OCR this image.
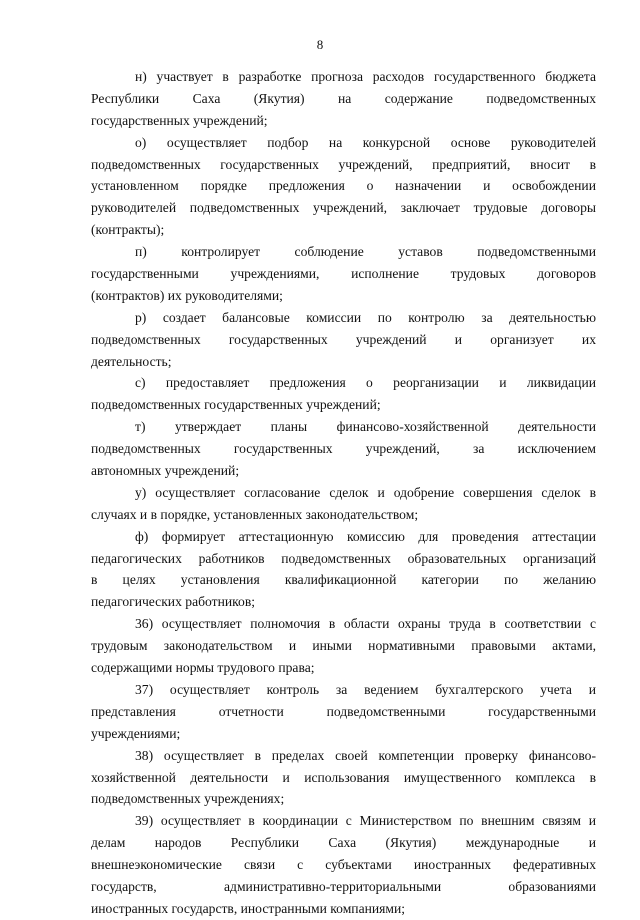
8
н) участвует в разработке прогноза расходов государственного бюджета
Республики Саха (Якутия) на содержание подведомственных
государственных учреждений;
о) осуществляет подбор на конкурсной основе руководителей
подведомственных государственных учреждений, предприятий, вносит в
установленном порядке предложения о назначении и освобождении
руководителей подведомственных учреждений, заключает трудовые договоры
(контракты);
п) контролирует соблюдение уставов подведомственными
государственными учреждениями, исполнение трудовых договоров
(контрактов) их руководителями;
р) создает балансовые комиссии по контролю за деятельностью
подведомственных государственных учреждений и организует их
деятельность;
с) предоставляет предложения о реорганизации и ликвидации
подведомственных государственных учреждений;
т) утверждает планы финансово-хозяйственной деятельности
подведомственных государственных учреждений, за исключением
автономных учреждений;
у) осуществляет согласование сделок и одобрение совершения сделок в
случаях и в порядке, установленных законодательством;
ф) формирует аттестационную комиссию для проведения аттестации
педагогических работников подведомственных образовательных организаций
в целях установления квалификационной категории по желанию
педагогических работников;
36) осуществляет полномочия в области охраны труда в соответствии с
трудовым законодательством и иными нормативными правовыми актами,
содержащими нормы трудового права;
37) осуществляет контроль за ведением бухгалтерского учета и
представления отчетности подведомственными государственными
учреждениями;
38) осуществляет в пределах своей компетенции проверку финансово-
хозяйственной деятельности и использования имущественного комплекса в
подведомственных учреждениях;
39) осуществляет в координации с Министерством по внешним связям и
делам народов Республики Саха (Якутия) международные и
внешнеэкономические связи с субъектами иностранных федеративных
государств, административно-территориальными образованиями
иностранных государств, иностранными компаниями;
